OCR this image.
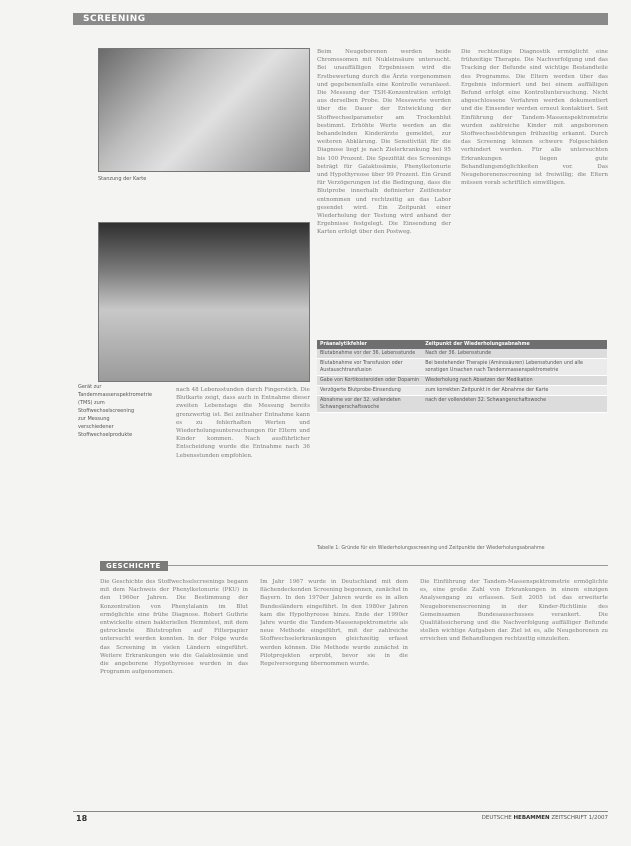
SCREENING
Stanzung der Karte
Gerät zur Tandemmassenspektrometrie (TMS) zum Stoffwechselscreening zur Messung verschiedener Stoffwechselprodukte

nach 48 Lebensstunden durch Fingerstich. Die Blutkarte zeigt, dass auch in Entnahme dieser zweiten Lebenstage die Messung bereits grenzwertig ist. Bei zeitnaher Entnahme kann es zu fehlerhaften Werten und Wiederholungsuntersuchungen für Eltern und Kinder kommen. Nach ausführlicher Entscheidung wurde die Entnahme nach 36 Lebensstunden empfohlen.

Beim Neugeborenen werden beide Chromosomen mit Nukleinsäure untersucht. Bei unauffälligen Ergebnissen wird die Erstbewertung durch die Ärzte vorgenommen und gegebenenfalls eine Kontrolle veranlasst. Die Messung der TSH-Konzentration erfolgt aus derselben Probe. Die Messwerte werden über die Dauer der Entwicklung der Stoffwechselparameter am Trockenblut bestimmt. Erhöhte Werte werden an die behandelnden Kinderärzte gemeldet, zur weiteren Abklärung. Die Sensitivität für die Diagnose liegt je nach Zielerkrankung bei 95 bis 100 Prozent. Die Spezifität des Screenings beträgt für Galaktosämie, Phenylketonurie und Hypothyreose über 99 Prozent. Ein Grund für Verzögerungen ist die Bedingung, dass die Blutprobe innerhalb definierter Zeitfenster entnommen und rechtzeitig an das Labor gesendet wird. Ein Zeitpunkt einer Wiederholung der Testung wird anhand der Ergebnisse festgelegt. Die Einsendung der Karten erfolgt über den Postweg.

Die rechtzeitige Diagnostik ermöglicht eine frühzeitige Therapie. Die Nachverfolgung und das Tracking der Befunde sind wichtige Bestandteile des Programms. Die Eltern werden über das Ergebnis informiert und bei einem auffälligen Befund erfolgt eine Kontrolluntersuchung. Nicht abgeschlossene Verfahren werden dokumentiert und die Einsender werden erneut kontaktiert. Seit Einführung der Tandem-Massenspektrometrie wurden zahlreiche Kinder mit angeborenen Stoffwechselstörungen frühzeitig erkannt. Durch das Screening können schwere Folgeschäden verhindert werden. Für alle untersuchten Erkrankungen liegen gute Behandlungsmöglichkeiten vor. Das Neugeborenenscreening ist freiwillig; die Eltern müssen vorab schriftlich einwilligen.

Präanalytikfehler	Zeitpunkt der Wiederholungsabnahme
Blutabnahme vor der 36. Lebensstunde	Nach der 36. Lebensstunde
Blutabnahme vor Transfusion oder Austauschtransfusion	Bei bestehender Therapie (Aminosäuren) Lebensstunden und alle sonstigen Ursachen nach Tandemmassenspektrometrie
Gabe von Kortikosteroiden oder Dopamin	Wiederholung nach Absetzen der Medikation
Verzögerte Blutprobe-Einsendung	zum korrekten Zeitpunkt in der Abnahme der Karte
Abnahme vor der 32. vollendeten Schwangerschaftswoche	nach der vollendeten 32. Schwangerschaftswoche
Tabelle 1: Gründe für ein Wiederholungsscreening und Zeitpunkte der Wiederholungsabnahme
GESCHICHTE

Die Geschichte des Stoffwechselscreenings begann mit dem Nachweis der Phenylketonurie (PKU) in den 1960er Jahren. Die Bestimmung der Konzentration von Phenylalanin im Blut ermöglichte eine frühe Diagnose. Robert Guthrie entwickelte einen bakteriellen Hemmtest, mit dem getrocknete Blutstropfen auf Filterpapier untersucht werden konnten. In der Folge wurde das Screening in vielen Ländern eingeführt. Weitere Erkrankungen wie die Galaktosämie und die angeborene Hypothyreose wurden in das Programm aufgenommen.

Im Jahr 1967 wurde in Deutschland mit dem flächendeckenden Screening begonnen, zunächst in Bayern. In den 1970er Jahren wurde es in allen Bundesländern eingeführt. In den 1980er Jahren kam die Hypothyreose hinzu. Ende der 1990er Jahre wurde die Tandem-Massenspektrometrie als neue Methode eingeführt, mit der zahlreiche Stoffwechselerkrankungen gleichzeitig erfasst werden können. Die Methode wurde zunächst in Pilotprojekten erprobt, bevor sie in die Regelversorgung übernommen wurde.

Die Einführung der Tandem-Massenspektrometrie ermöglichte es, eine große Zahl von Erkrankungen in einem einzigen Analysengang zu erfassen. Seit 2005 ist das erweiterte Neugeborenenscreening in der Kinder-Richtlinie des Gemeinsamen Bundesausschusses verankert. Die Qualitätssicherung und die Nachverfolgung auffälliger Befunde stellen wichtige Aufgaben dar. Ziel ist es, alle Neugeborenen zu erreichen und Behandlungen rechtzeitig einzuleiten.

18	DEUTSCHE HEBAMMEN ZEITSCHRIFT 1/2007
